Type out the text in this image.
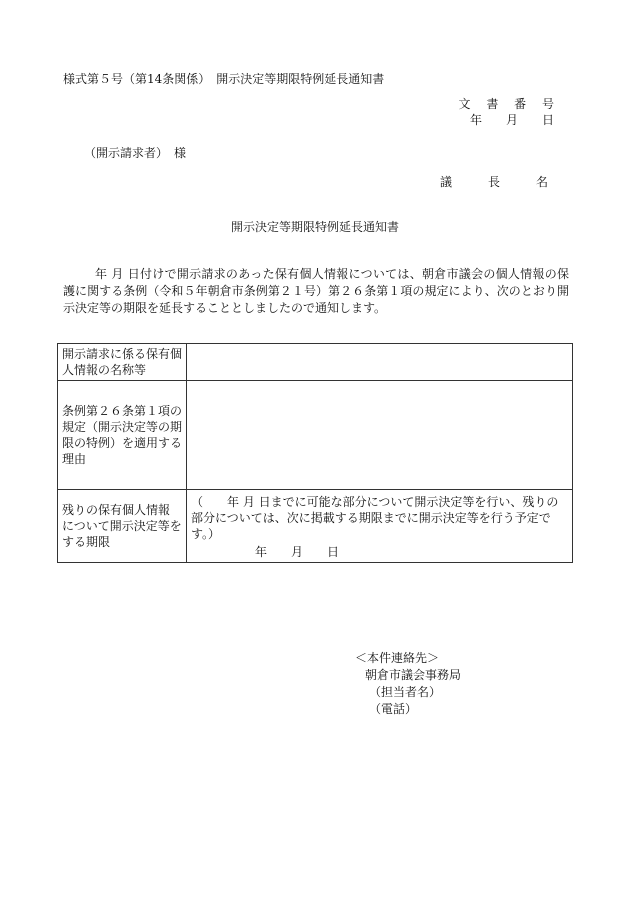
様式第５号（第14条関係）　開示決定等期限特例延長通知書
文 書 番 号
年　月　日
（開示請求者）　様
議　長　名
開示決定等期限特例延長通知書
年 月 日付けで開示請求のあった保有個人情報については、朝倉市議会の個人情報の保護に関する条例（令和５年朝倉市条例第２１号）第２６条第１項の規定により、次のとおり開示決定等の期限を延長することとしましたので通知します。
開示請求に係る保有個人情報の名称等	
条例第２６条第１項の規定（開示決定等の期限の特例）を適用する理由	
残りの保有個人情報について開示決定等をする期限	（　　年 月 日までに可能な部分について開示決定等を行い、残りの部分については、次に掲載する期限までに開示決定等を行う予定です。）
年　月　日
＜本件連絡先＞
朝倉市議会事務局
（担当者名）
（電話）
